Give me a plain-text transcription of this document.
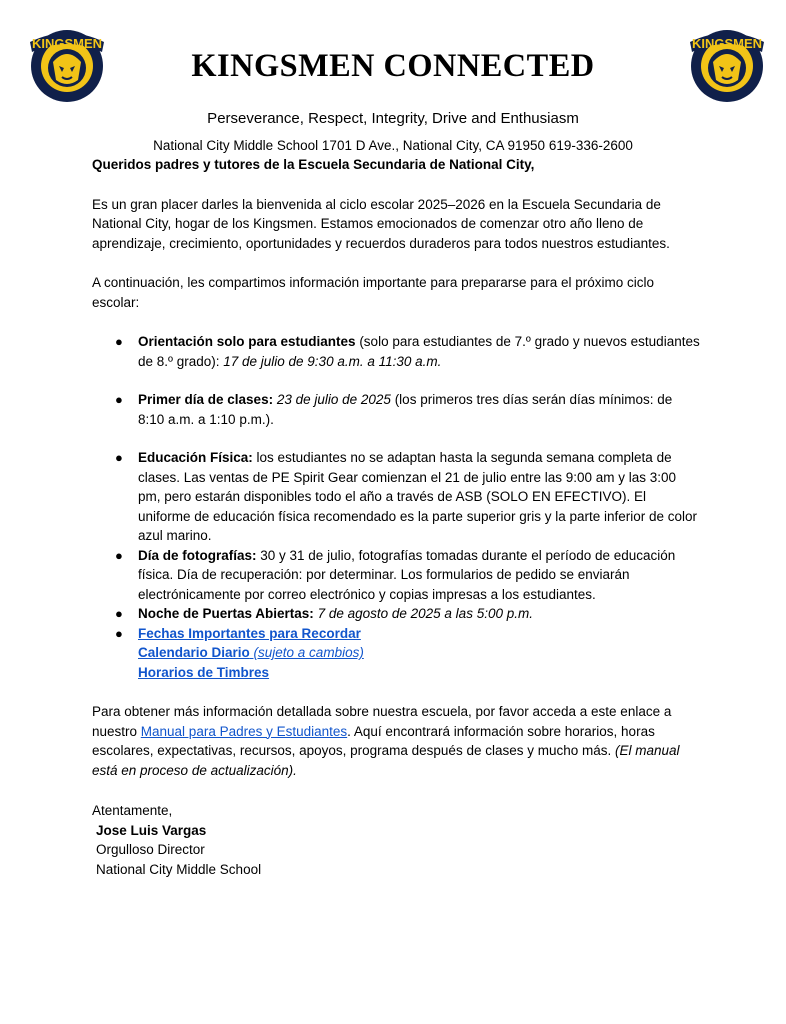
KINGSMEN	KINGSMEN
KINGSMEN CONNECTED
Perseverance, Respect, Integrity, Drive and Enthusiasm
National City Middle School 1701 D Ave., National City, CA 91950 619-336-2600

Queridos padres y tutores de la Escuela Secundaria de National City,

Es un gran placer darles la bienvenida al ciclo escolar 2025–2026 en la Escuela Secundaria de National City, hogar de los Kingsmen. Estamos emocionados de comenzar otro año lleno de aprendizaje, crecimiento, oportunidades y recuerdos duraderos para todos nuestros estudiantes.

A continuación, les compartimos información importante para prepararse para el próximo ciclo escolar:

● Orientación solo para estudiantes (solo para estudiantes de 7.º grado y nuevos estudiantes de 8.º grado): 17 de julio de 9:30 a.m. a 11:30 a.m.
● Primer día de clases: 23 de julio de 2025 (los primeros tres días serán días mínimos: de 8:10 a.m. a 1:10 p.m.).
● Educación Física: los estudiantes no se adaptan hasta la segunda semana completa de clases. Las ventas de PE Spirit Gear comienzan el 21 de julio entre las 9:00 am y las 3:00 pm, pero estarán disponibles todo el año a través de ASB (SOLO EN EFECTIVO). El uniforme de educación física recomendado es la parte superior gris y la parte inferior de color azul marino.
● Día de fotografías: 30 y 31 de julio, fotografías tomadas durante el período de educación física. Día de recuperación: por determinar. Los formularios de pedido se enviarán electrónicamente por correo electrónico y copias impresas a los estudiantes.
● Noche de Puertas Abiertas: 7 de agosto de 2025 a las 5:00 p.m.
● Fechas Importantes para Recordar
Calendario Diario (sujeto a cambios)
Horarios de Timbres

Para obtener más información detallada sobre nuestra escuela, por favor acceda a este enlace a nuestro Manual para Padres y Estudiantes. Aquí encontrará información sobre horarios, horas escolares, expectativas, recursos, apoyos, programa después de clases y mucho más. (El manual está en proceso de actualización).

Atentamente,

Jose Luis Vargas

Orgulloso Director

National City Middle School
